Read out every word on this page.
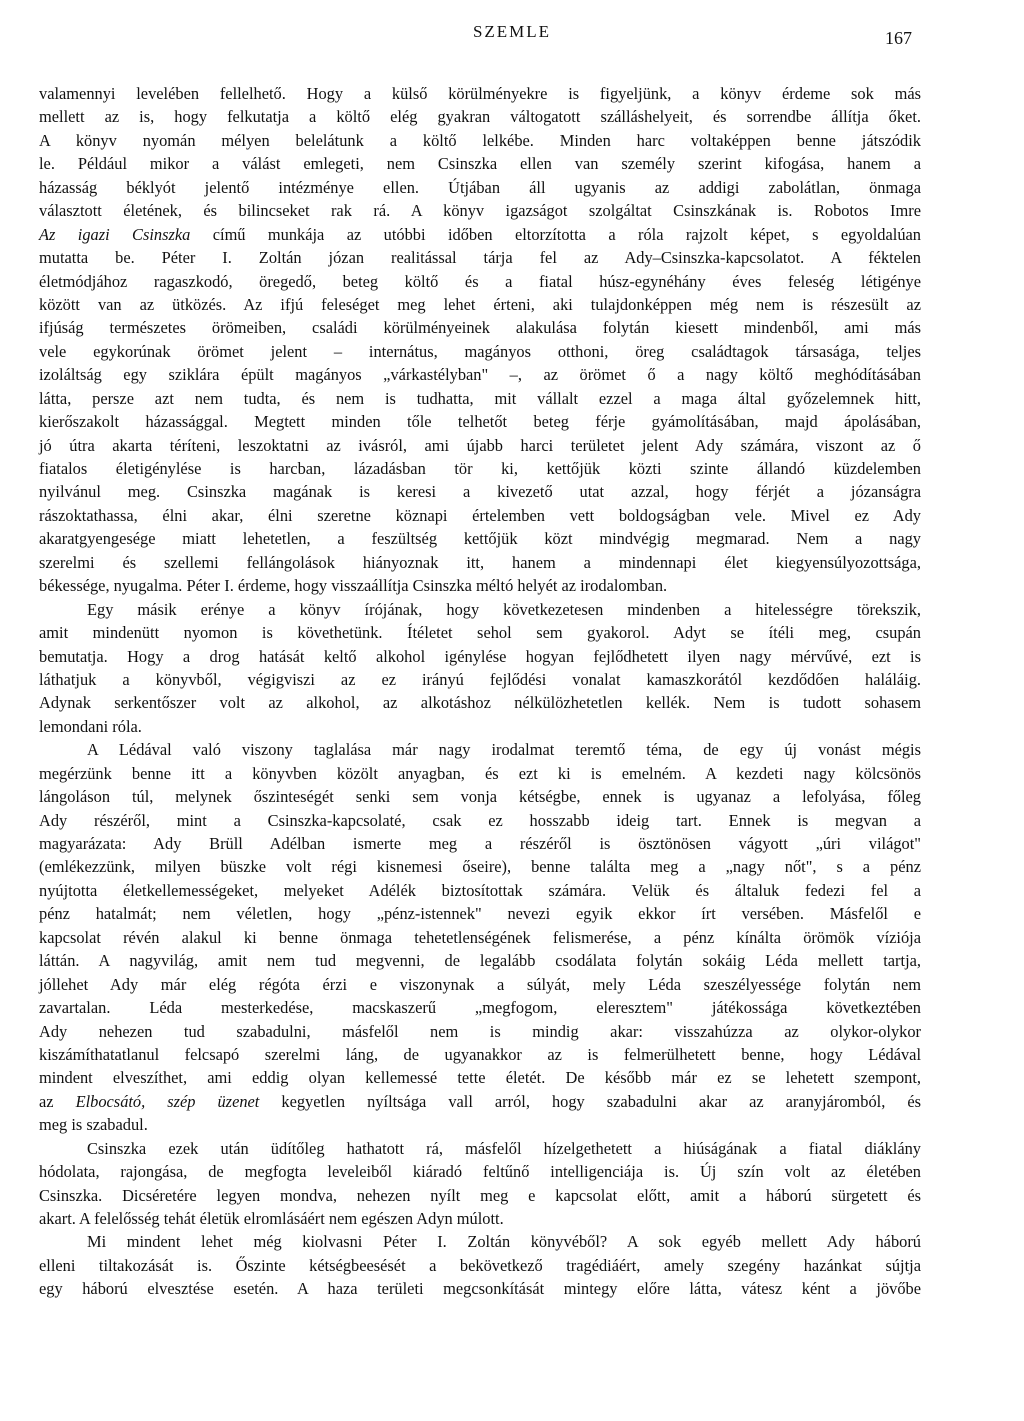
SZEMLE	167
valamennyi levelében fellelhető. Hogy a külső körülményekre is figyeljünk, a könyv érdeme sok más
mellett az is, hogy felkutatja a költő elég gyakran váltogatott szálláshelyeit, és sorrendbe állítja őket.
A könyv nyomán mélyen belelátunk a költő lelkébe. Minden harc voltaképpen benne játszódik
le. Például mikor a válást emlegeti, nem Csinszka ellen van személy szerint kifogása, hanem a
házasság béklyót jelentő intézménye ellen. Útjában áll ugyanis az addigi zabolátlan, önmaga
választott életének, és bilincseket rak rá. A könyv igazságot szolgáltat Csinszkának is. Robotos Imre
Az igazi Csinszka című munkája az utóbbi időben eltorzította a róla rajzolt képet, s egyoldalúan
mutatta be. Péter I. Zoltán józan realitással tárja fel az Ady–Csinszka-kapcsolatot. A féktelen
életmódjához ragaszkodó, öregedő, beteg költő és a fiatal húsz-egynéhány éves feleség létigénye
között van az ütközés. Az ifjú feleséget meg lehet érteni, aki tulajdonképpen még nem is részesült az
ifjúság természetes örömeiben, családi körülményeinek alakulása folytán kiesett mindenből, ami más
vele egykorúnak örömet jelent – internátus, magányos otthoni, öreg családtagok társasága, teljes
izoláltság egy sziklára épült magányos „várkastélyban" –, az örömet ő a nagy költő meghódításában
látta, persze azt nem tudta, és nem is tudhatta, mit vállalt ezzel a maga által győzelemnek hitt,
kierőszakolt házassággal. Megtett minden tőle telhetőt beteg férje gyámolításában, majd ápolásában,
jó útra akarta téríteni, leszoktatni az ivásról, ami újabb harci területet jelent Ady számára, viszont az ő
fiatalos életigénylése is harcban, lázadásban tör ki, kettőjük közti szinte állandó küzdelemben
nyilvánul meg. Csinszka magának is keresi a kivezető utat azzal, hogy férjét a józanságra
rászoktathassa, élni akar, élni szeretne köznapi értelemben vett boldogságban vele. Mivel ez Ady
akaratgyengesége miatt lehetetlen, a feszültség kettőjük közt mindvégig megmarad. Nem a nagy
szerelmi és szellemi fellángolások hiányoznak itt, hanem a mindennapi élet kiegyensúlyozottsága,
békessége, nyugalma. Péter I. érdeme, hogy visszaállítja Csinszka méltó helyét az irodalomban.
Egy másik erénye a könyv írójának, hogy következetesen mindenben a hitelességre törekszik,
amit mindenütt nyomon is követhetünk. Ítéletet sehol sem gyakorol. Adyt se ítéli meg, csupán
bemutatja. Hogy a drog hatását keltő alkohol igénylése hogyan fejlődhetett ilyen nagy mérvűvé, ezt is
láthatjuk a könyvből, végigviszi az ez irányú fejlődési vonalat kamaszkorától kezdődően haláláig.
Adynak serkentőszer volt az alkohol, az alkotáshoz nélkülözhetetlen kellék. Nem is tudott sohasem
lemondani róla.
A Lédával való viszony taglalása már nagy irodalmat teremtő téma, de egy új vonást mégis
megérzünk benne itt a könyvben közölt anyagban, és ezt ki is emelném. A kezdeti nagy kölcsönös
lángoláson túl, melynek őszinteségét senki sem vonja kétségbe, ennek is ugyanaz a lefolyása, főleg
Ady részéről, mint a Csinszka-kapcsolaté, csak ez hosszabb ideig tart. Ennek is megvan a
magyarázata: Ady Brüll Adélban ismerte meg a részéről is ösztönösen vágyott „úri világot"
(emlékezzünk, milyen büszke volt régi kisnemesi őseire), benne találta meg a „nagy nőt", s a pénz
nyújtotta életkellemességeket, melyeket Adélék biztosítottak számára. Velük és általuk fedezi fel a
pénz hatalmát; nem véletlen, hogy „pénz-istennek" nevezi egyik ekkor írt versében. Másfelől e
kapcsolat révén alakul ki benne önmaga tehetetlenségének felismerése, a pénz kínálta örömök víziója
láttán. A nagyvilág, amit nem tud megvenni, de legalább csodálata folytán sokáig Léda mellett tartja,
jóllehet Ady már elég régóta érzi e viszonynak a súlyát, mely Léda szeszélyessége folytán nem
zavartalan. Léda mesterkedése, macskaszerű „megfogom, eleresztem" játékossága következtében
Ady nehezen tud szabadulni, másfelől nem is mindig akar: visszahúzza az olykor-olykor
kiszámíthatatlanul felcsapó szerelmi láng, de ugyanakkor az is felmerülhetett benne, hogy Lédával
mindent elveszíthet, ami eddig olyan kellemessé tette életét. De később már ez se lehetett szempont,
az Elbocsátó, szép üzenet kegyetlen nyíltsága vall arról, hogy szabadulni akar az aranyjáromból, és
meg is szabadul.
Csinszka ezek után üdítőleg hathatott rá, másfelől hízelgethetett a hiúságának a fiatal diáklány
hódolata, rajongása, de megfogta leveleiből kiáradó feltűnő intelligenciája is. Új szín volt az életében
Csinszka. Dicséretére legyen mondva, nehezen nyílt meg e kapcsolat előtt, amit a háború sürgetett és
akart. A felelősség tehát életük elromlásáért nem egészen Adyn múlott.
Mi mindent lehet még kiolvasni Péter I. Zoltán könyvéből? A sok egyéb mellett Ady háború
elleni tiltakozását is. Őszinte kétségbeesését a bekövetkező tragédiáért, amely szegény hazánkat sújtja
egy háború elvesztése esetén. A haza területi megcsonkítását mintegy előre látta, vátesz ként a jövőbe
